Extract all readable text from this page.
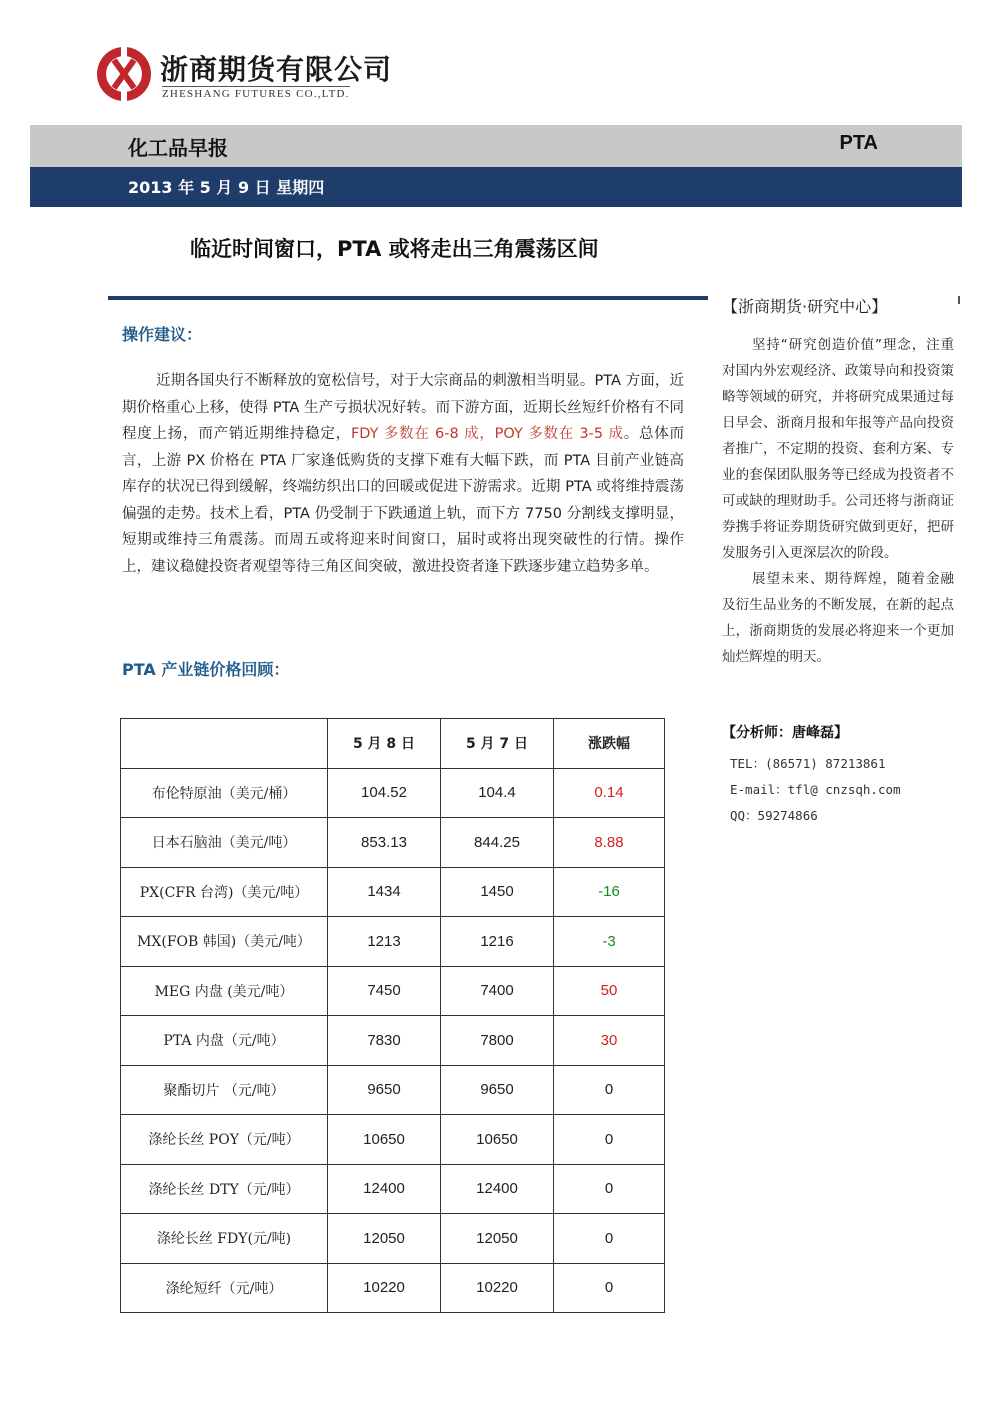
浙商期货有限公司
ZHESHANG FUTURES CO.,LTD.
化工品早报	PTA
2013 年 5 月 9 日 星期四
临近时间窗口，PTA 或将走出三角震荡区间
操作建议：
近期各国央行不断释放的宽松信号，对于大宗商品的刺激相当明显。PTA 方面，近期价格重心上移，使得 PTA 生产亏损状况好转。而下游方面，近期长丝短纤价格有不同程度上扬，而产销近期维持稳定，FDY 多数在 6-8 成，POY 多数在 3-5 成。总体而言，上游 PX 价格在 PTA 厂家逢低购货的支撑下难有大幅下跌，而 PTA 目前产业链高库存的状况已得到缓解，终端纺织出口的回暖或促进下游需求。近期 PTA 或将维持震荡偏强的走势。技术上看，PTA 仍受制于下跌通道上轨，而下方 7750 分割线支撑明显，短期或维持三角震荡。而周五或将迎来时间窗口，届时或将出现突破性的行情。操作上，建议稳健投资者观望等待三角区间突破，激进投资者逢下跌逐步建立趋势多单。
PTA 产业链价格回顾：
	5 月 8 日	5 月 7 日	涨跌幅
布伦特原油（美元/桶）	104.52	104.4	0.14
日本石脑油（美元/吨）	853.13	844.25	8.88
PX(CFR 台湾)（美元/吨）	1434	1450	-16
MX(FOB 韩国)（美元/吨）	1213	1216	-3
MEG 内盘 (美元/吨）	7450	7400	50
PTA 内盘（元/吨）	7830	7800	30
聚酯切片 （元/吨）	9650	9650	0
涤纶长丝 POY（元/吨）	10650	10650	0
涤纶长丝 DTY（元/吨）	12400	12400	0
涤纶长丝 FDY(元/吨)	12050	12050	0
涤纶短纤（元/吨）	10220	10220	0
【浙商期货·研究中心】
坚持“研究创造价值”理念，注重对国内外宏观经济、政策导向和投资策略等领域的研究，并将研究成果通过每日早会、浙商月报和年报等产品向投资者推广，不定期的投资、套利方案、专业的套保团队服务等已经成为投资者不可或缺的理财助手。公司还将与浙商证券携手将证券期货研究做到更好，把研发服务引入更深层次的阶段。
展望未来、期待辉煌，随着金融及衍生品业务的不断发展，在新的起点上，浙商期货的发展必将迎来一个更加灿烂辉煌的明天。
【分析师：唐峰磊】
TEL：(86571) 87213861
E-mail：tfl@ cnzsqh.com
QQ：59274866
